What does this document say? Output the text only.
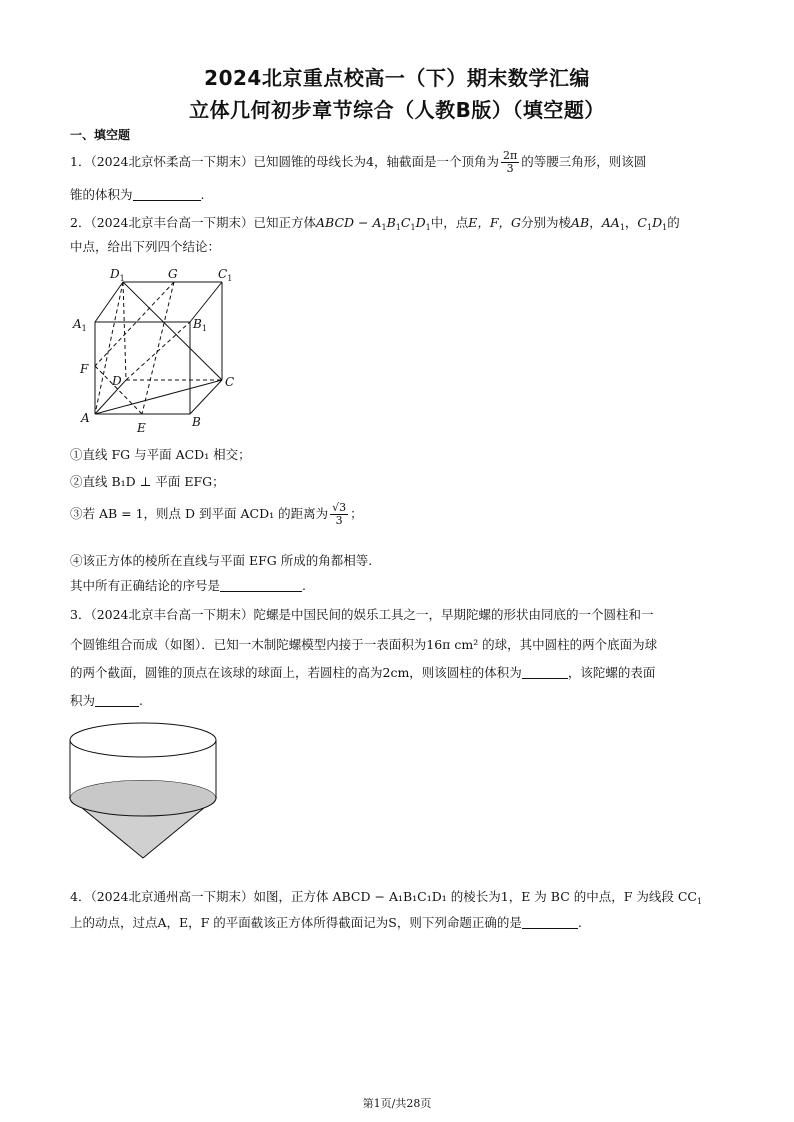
2024北京重点校高一（下）期末数学汇编
立体几何初步章节综合（人教B版）（填空题）
一、填空题
1．（2024北京怀柔高一下期末）已知圆锥的母线长为4，轴截面是一个顶角为 $\frac{2\pi}{3}$ 的等腰三角形，则该圆
锥的体积为	.
2．（2024北京丰台高一下期末）已知正方体ABCD − $A_1B_1C_1D_1$中，点E，F，G分别为棱AB，$AA_1$，$C_1D_1$的
中点，给出下列四个结论：
$D_1$	G	$C_1$
$A_1$	$B_1$
F
D	C
A
E	B
①直线 FG 与平面 ACD₁ 相交；
②直线 B₁D ⊥ 平面 EFG；
③若 AB = 1，则点 D 到平面 ACD₁ 的距离为 $\frac{√3}{3}$ ；
④该正方体的棱所在直线与平面 EFG 所成的角都相等.
其中所有正确结论的序号是	.
3．（2024北京丰台高一下期末）陀螺是中国民间的娱乐工具之一，早期陀螺的形状由同底的一个圆柱和一
个圆锥组合而成（如图）．已知一木制陀螺模型内接于一表面积为16π cm² 的球，其中圆柱的两个底面为球
的两个截面，圆锥的顶点在该球的球面上，若圆柱的高为2cm，则该圆柱的体积为	，该陀螺的表面
积为	.
4．（2024北京通州高一下期末）如图，正方体 ABCD − A₁B₁C₁D₁ 的棱长为1，E 为 BC 的中点，F 为线段 $CC_1$
上的动点，过点A，E，F 的平面截该正方体所得截面记为S，则下列命题正确的是	.
第1页/共28页
